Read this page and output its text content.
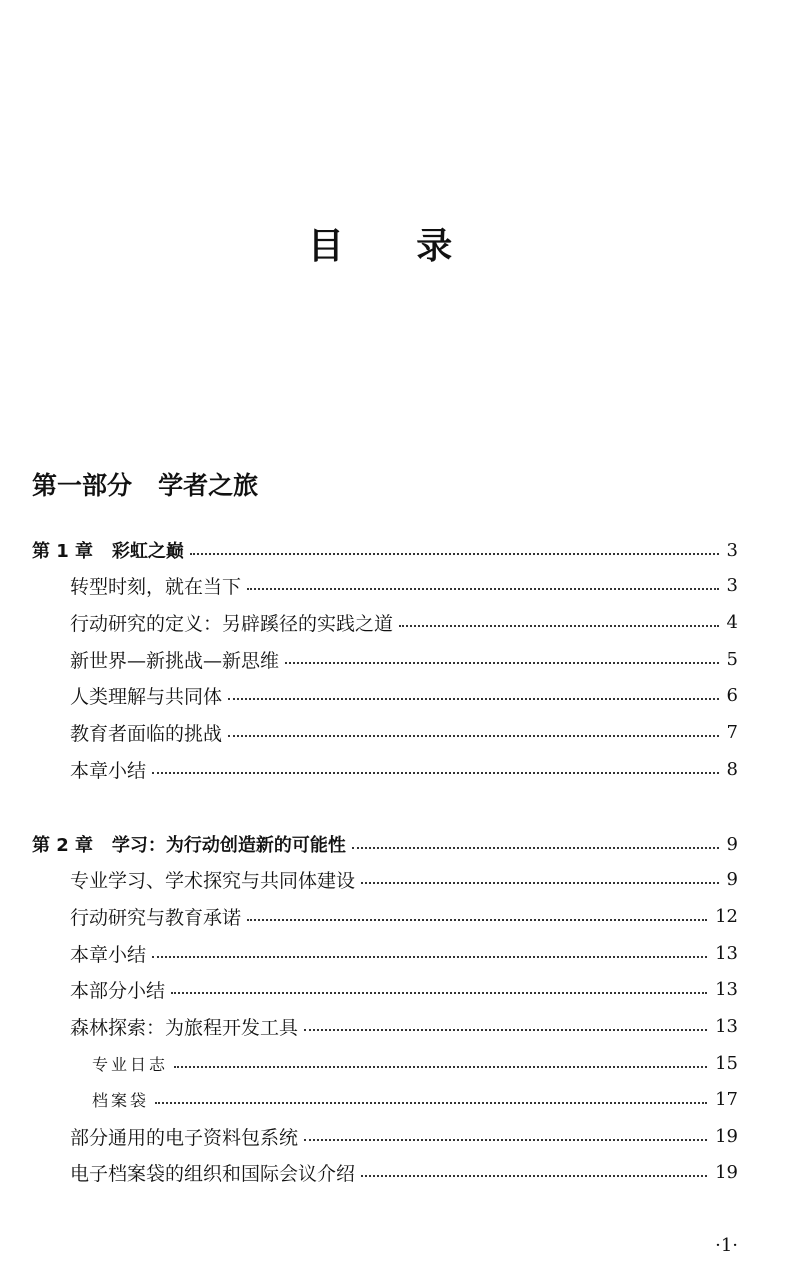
目 录
第一部分   学者之旅
第 1 章   彩虹之巅	3
转型时刻，就在当下	3
行动研究的定义：另辟蹊径的实践之道	4
新世界—新挑战—新思维	5
人类理解与共同体	6
教育者面临的挑战	7
本章小结	8
第 2 章   学习：为行动创造新的可能性	9
专业学习、学术探究与共同体建设	9
行动研究与教育承诺	12
本章小结	13
本部分小结	13
森林探索：为旅程开发工具	13
专业日志	15
档案袋	17
部分通用的电子资料包系统	19
电子档案袋的组织和国际会议介绍	19
·1·
